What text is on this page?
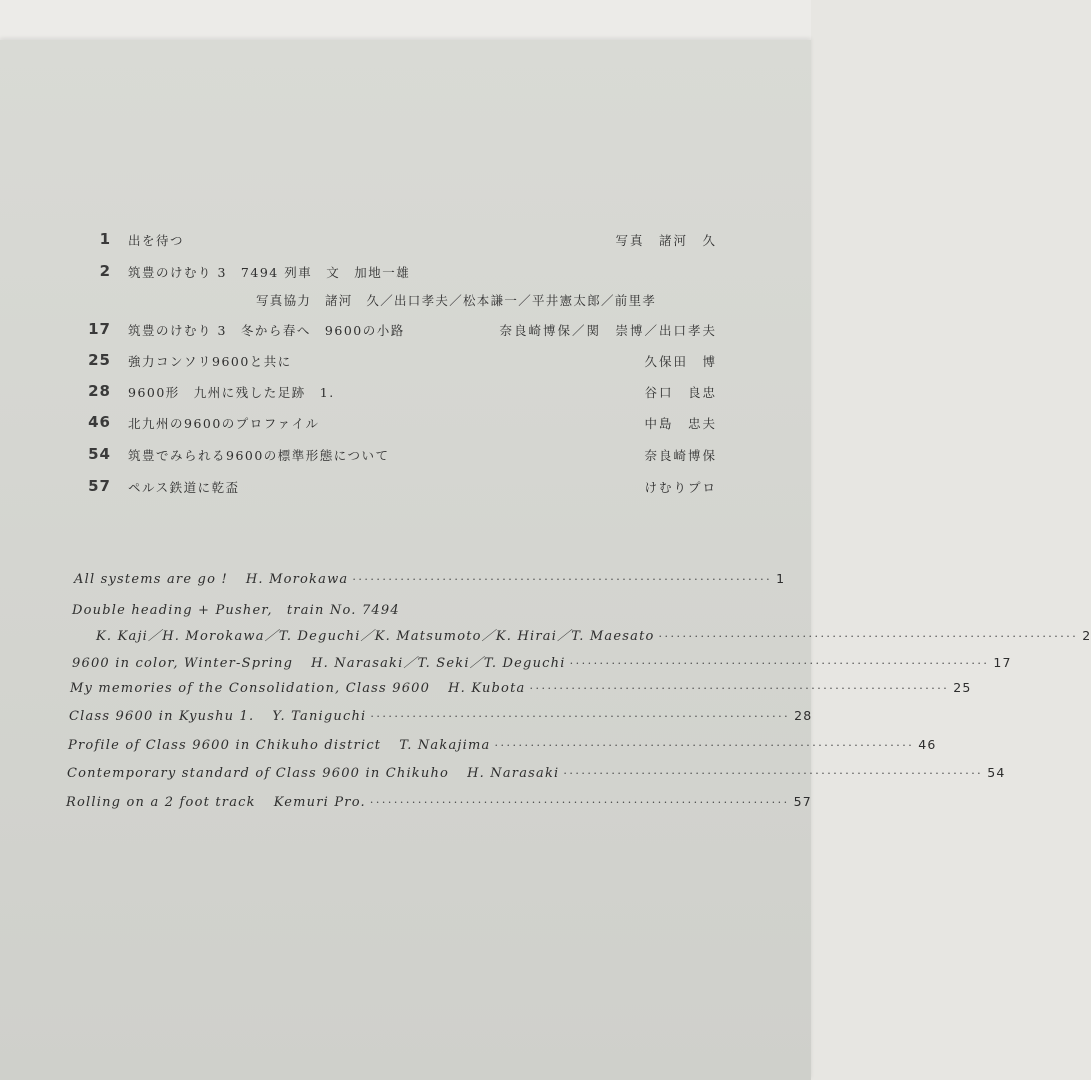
1 出を待つ	写真　諸河　久
2 筑豊のけむり 3　7494 列車　文　加地一雄
写真協力　諸河　久／出口孝夫／松本謙一／平井憲太郎／前里孝
17 筑豊のけむり 3　冬から春へ　9600の小路	奈良崎博保／関　崇博／出口孝夫
25 強力コンソリ9600と共に	久保田　博
28 9600形　九州に残した足跡　1.	谷口　良忠
46 北九州の9600のプロファイル	中島　忠夫
54 筑豊でみられる9600の標準形態について	奈良崎博保
57 ペルス鉄道に乾盃	けむりプロ
All systems are go ! H. Morokawa ······································································ 1
Double heading + Pusher,　train No. 7494
K. Kaji／H. Morokawa／T. Deguchi／K. Matsumoto／K. Hirai／T. Maesato ······································································ 2
9600 in color, Winter-Spring H. Narasaki／T. Seki／T. Deguchi ······································································ 17
My memories of the Consolidation, Class 9600 H. Kubota ······································································ 25
Class 9600 in Kyushu 1. Y. Taniguchi ······································································ 28
Profile of Class 9600 in Chikuho district T. Nakajima ······································································ 46
Contemporary standard of Class 9600 in Chikuho H. Narasaki ······································································ 54
Rolling on a 2 foot track Kemuri Pro. ······································································ 57
